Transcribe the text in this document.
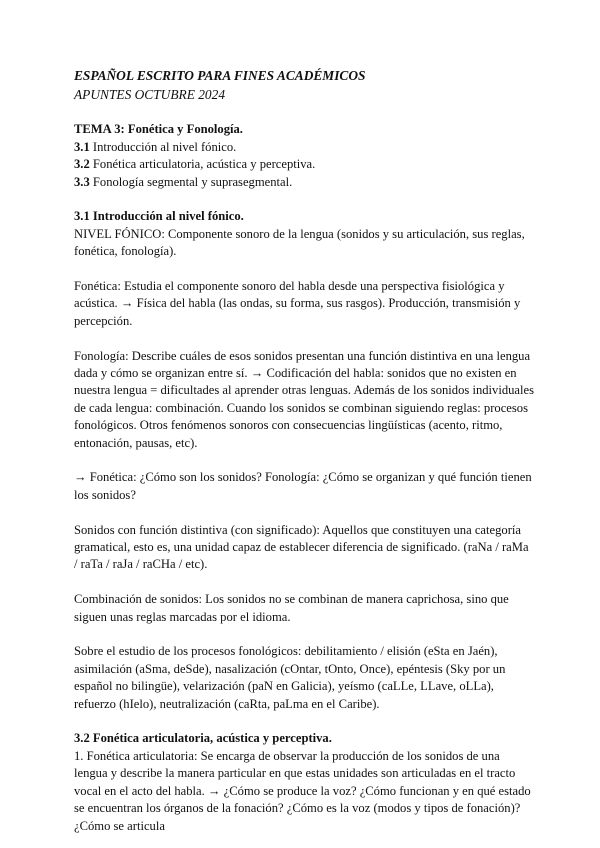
ESPAÑOL ESCRITO PARA FINES ACADÉMICOS
APUNTES OCTUBRE 2024

TEMA 3: Fonética y Fonología.

3.1 Introducción al nivel fónico.

3.2 Fonética articulatoria, acústica y perceptiva.

3.3 Fonología segmental y suprasegmental.

3.1 Introducción al nivel fónico.

NIVEL FÓNICO: Componente sonoro de la lengua (sonidos y su articulación, sus reglas, fonética, fonología).

Fonética: Estudia el componente sonoro del habla desde una perspectiva fisiológica y acústica. → Física del habla (las ondas, su forma, sus rasgos). Producción, transmisión y percepción.

Fonología: Describe cuáles de esos sonidos presentan una función distintiva en una lengua dada y cómo se organizan entre sí. → Codificación del habla: sonidos que no existen en nuestra lengua = dificultades al aprender otras lenguas. Además de los sonidos individuales de cada lengua: combinación. Cuando los sonidos se combinan siguiendo reglas: procesos fonológicos. Otros fenómenos sonoros con consecuencias lingüísticas (acento, ritmo, entonación, pausas, etc).

→ Fonética: ¿Cómo son los sonidos? Fonología: ¿Cómo se organizan y qué función tienen los sonidos?

Sonidos con función distintiva (con significado): Aquellos que constituyen una categoría gramatical, esto es, una unidad capaz de establecer diferencia de significado. (raNa / raMa / raTa / raJa / raCHa / etc).

Combinación de sonidos: Los sonidos no se combinan de manera caprichosa, sino que siguen unas reglas marcadas por el idioma.

Sobre el estudio de los procesos fonológicos: debilitamiento / elisión (eSta en Jaén), asimilación (aSma, deSde), nasalización (cOntar, tOnto, Once), epéntesis (Sky por un español no bilingüe), velarización (paN en Galicia), yeísmo (caLLe, LLave, oLLa), refuerzo (hIelo), neutralización (caRta, paLma en el Caribe).

3.2 Fonética articulatoria, acústica y perceptiva.

1. Fonética articulatoria: Se encarga de observar la producción de los sonidos de una lengua y describe la manera particular en que estas unidades son articuladas en el tracto vocal en el acto del habla. → ¿Cómo se produce la voz? ¿Cómo funcionan y en qué estado se encuentran los órganos de la fonación? ¿Cómo es la voz (modos y tipos de fonación)? ¿Cómo se articula
